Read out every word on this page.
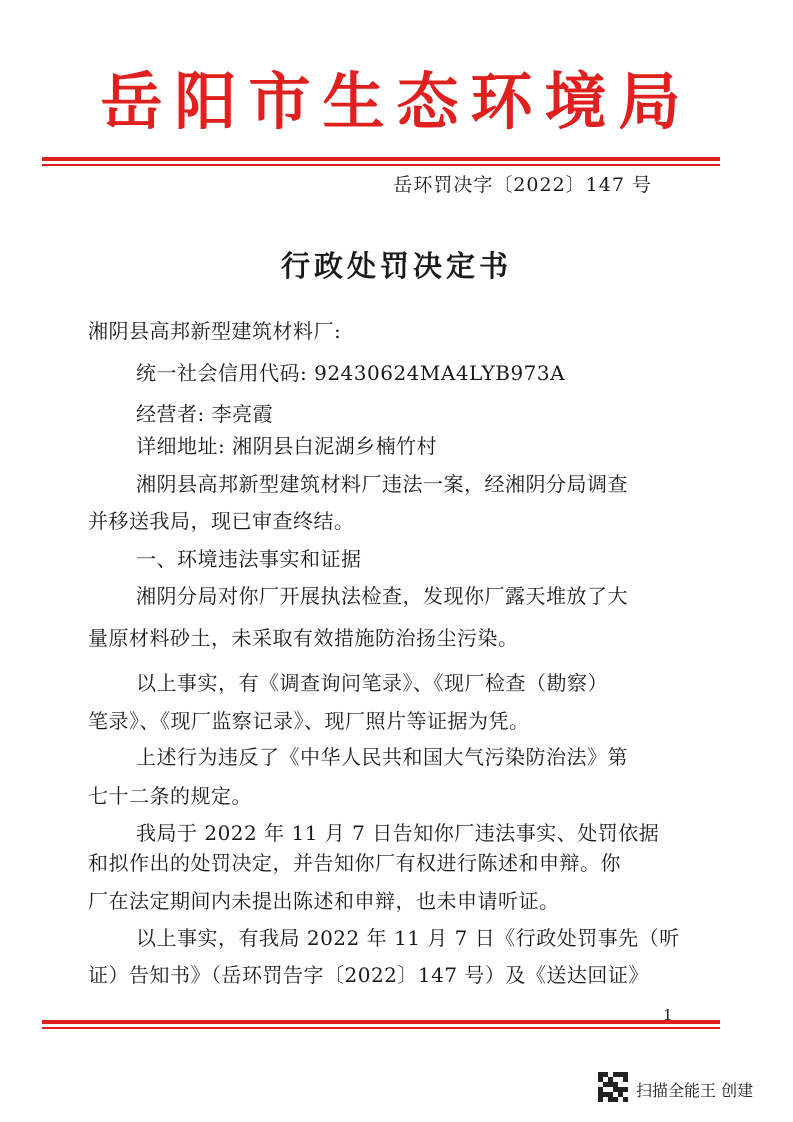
岳阳市生态环境局
岳环罚决字〔2022〕147 号
行政处罚决定书
湘阴县高邦新型建筑材料厂:
统一社会信用代码: 92430624MA4LYB973A
经营者: 李亮霞
详细地址: 湘阴县白泥湖乡楠竹村
湘阴县高邦新型建筑材料厂违法一案，经湘阴分局调查
并移送我局，现已审查终结。
一、环境违法事实和证据
湘阴分局对你厂开展执法检查，发现你厂露天堆放了大
量原材料砂土，未采取有效措施防治扬尘污染。
以上事实，有《调查询问笔录》、《现厂检查（勘察）
笔录》、《现厂监察记录》、现厂照片等证据为凭。
上述行为违反了《中华人民共和国大气污染防治法》第
七十二条的规定。
我局于 2022 年 11 月 7 日告知你厂违法事实、处罚依据
和拟作出的处罚决定，并告知你厂有权进行陈述和申辩。你
厂在法定期间内未提出陈述和申辩，也未申请听证。
以上事实，有我局 2022 年 11 月 7 日《行政处罚事先（听
证）告知书》（岳环罚告字〔2022〕147 号）及《送达回证》
1
扫描全能王 创建
